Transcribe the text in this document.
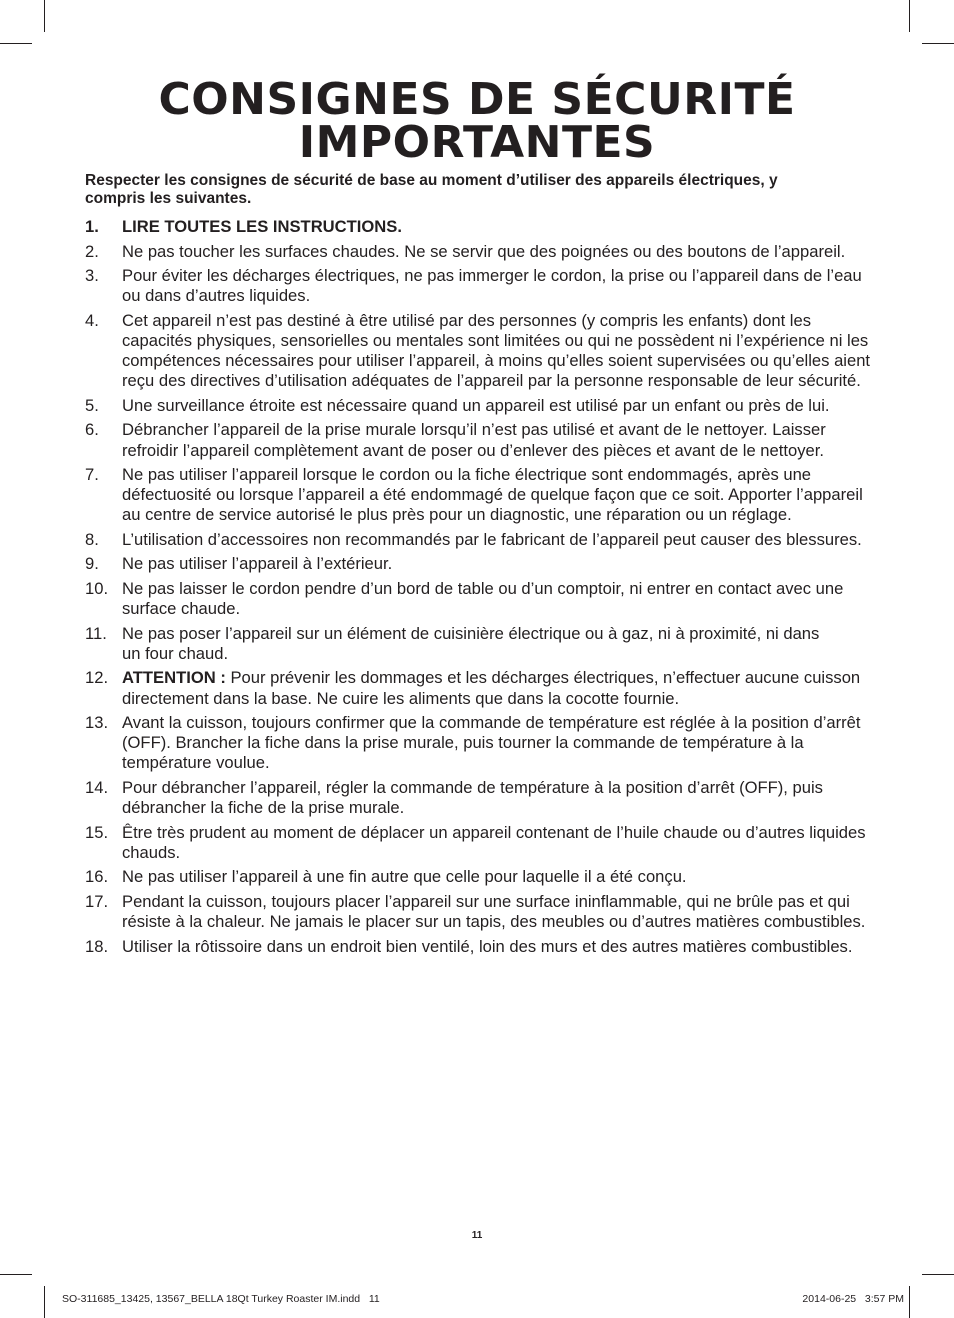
CONSIGNES DE SÉCURITÉ
IMPORTANTES

Respecter les consignes de sécurité de base au moment d’utiliser des appareils électriques, y compris les suivantes.

1. LIRE TOUTES LES INSTRUCTIONS.
2. Ne pas toucher les surfaces chaudes. Ne se servir que des poignées ou des boutons de l’appareil.
3. Pour éviter les décharges électriques, ne pas immerger le cordon, la prise ou l’appareil dans de l’eau ou dans d’autres liquides.
4. Cet appareil n’est pas destiné à être utilisé par des personnes (y compris les enfants) dont les capacités physiques, sensorielles ou mentales sont limitées ou qui ne possèdent ni l’expérience ni les compétences nécessaires pour utiliser l’appareil, à moins qu’elles soient supervisées ou qu’elles aient reçu des directives d’utilisation adéquates de l’appareil par la personne responsable de leur sécurité.
5. Une surveillance étroite est nécessaire quand un appareil est utilisé par un enfant ou près de lui.
6. Débrancher l’appareil de la prise murale lorsqu’il n’est pas utilisé et avant de le nettoyer. Laisser refroidir l’appareil complètement avant de poser ou d’enlever des pièces et avant de le nettoyer.
7. Ne pas utiliser l’appareil lorsque le cordon ou la fiche électrique sont endommagés, après une défectuosité ou lorsque l’appareil a été endommagé de quelque façon que ce soit. Apporter l’appareil au centre de service autorisé le plus près pour un diagnostic, une réparation ou un réglage.
8. L’utilisation d’accessoires non recommandés par le fabricant de l’appareil peut causer des blessures.
9. Ne pas utiliser l’appareil à l’extérieur.
10. Ne pas laisser le cordon pendre d’un bord de table ou d’un comptoir, ni entrer en contact avec une surface chaude.
11. Ne pas poser l’appareil sur un élément de cuisinière électrique ou à gaz, ni à proximité, ni dans
un four chaud.
12. ATTENTION : Pour prévenir les dommages et les décharges électriques, n’effectuer aucune cuisson directement dans la base. Ne cuire les aliments que dans la cocotte fournie.
13. Avant la cuisson, toujours confirmer que la commande de température est réglée à la position d’arrêt (OFF). Brancher la fiche dans la prise murale, puis tourner la commande de température à la température voulue.
14. Pour débrancher l’appareil, régler la commande de température à la position d’arrêt (OFF), puis débrancher la fiche de la prise murale.
15. Être très prudent au moment de déplacer un appareil contenant de l’huile chaude ou d’autres liquides chauds.
16. Ne pas utiliser l’appareil à une fin autre que celle pour laquelle il a été conçu.
17. Pendant la cuisson, toujours placer l’appareil sur une surface ininflammable, qui ne brûle pas et qui résiste à la chaleur. Ne jamais le placer sur un tapis, des meubles ou d’autres matières combustibles.
18. Utiliser la rôtissoire dans un endroit bien ventilé, loin des murs et des autres matières combustibles.
11
SO-311685_13425, 13567_BELLA 18Qt Turkey Roaster IM.indd   11	2014-06-25   3:57 PM
